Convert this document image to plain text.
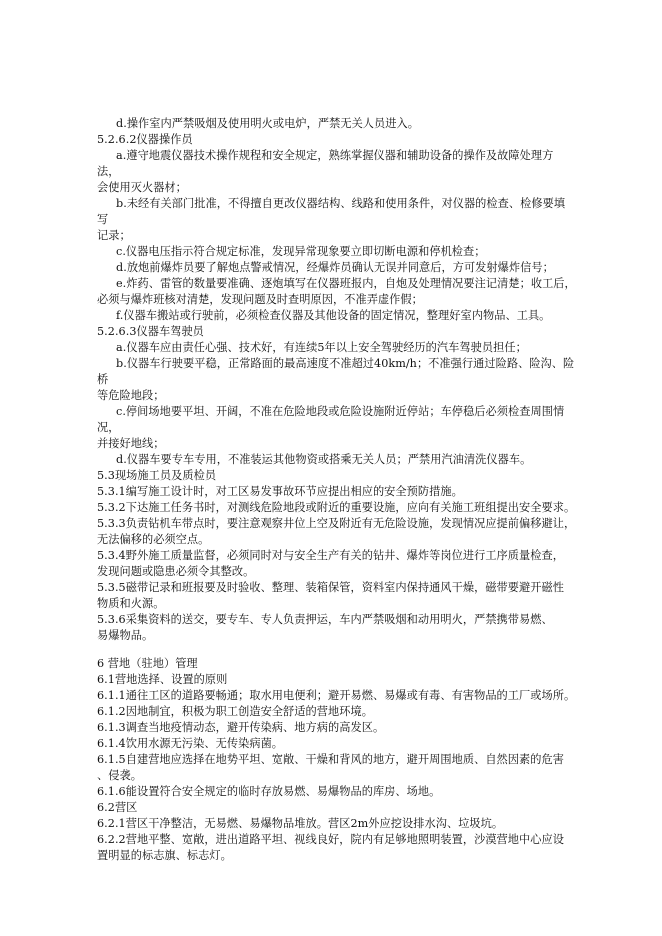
d.操作室内严禁吸烟及使用明火或电炉，严禁无关人员进入。
5.2.6.2仪器操作员
a.遵守地震仪器技术操作规程和安全规定，熟练掌握仪器和辅助设备的操作及故障处理方
法，
会使用灭火器材；
b.未经有关部门批准，不得擅自更改仪器结构、线路和使用条件，对仪器的检查、检修要填
写
记录；
c.仪器电压指示符合规定标准，发现异常现象要立即切断电源和停机检查；
d.放炮前爆炸员要了解炮点警戒情况，经爆炸员确认无误并同意后，方可发射爆炸信号；
e.炸药、雷管的数量要准确、逐炮填写在仪器班报内，自炮及处理情况要注记清楚；收工后，
必须与爆炸班核对清楚，发现问题及时查明原因，不准弄虚作假；
f.仪器车搬站或行驶前，必须检查仪器及其他设备的固定情况，整理好室内物品、工具。
5.2.6.3仪器车驾驶员
a.仪器车应由责任心强、技术好，有连续5年以上安全驾驶经历的汽车驾驶员担任；
b.仪器车行驶要平稳，正常路面的最高速度不准超过40km/h；不准强行通过险路、险沟、险
桥
等危险地段；
c.停间场地要平坦、开阔，不准在危险地段或危险设施附近停站；车停稳后必须检查周围情
况，
并接好地线；
d.仪器车要专车专用，不准装运其他物资或搭乘无关人员；严禁用汽油清洗仪器车。
5.3现场施工员及质检员
5.3.1编写施工设计时，对工区易发事故环节应提出相应的安全预防措施。
5.3.2下达施工任务书时，对测线危险地段或附近的重要设施，应向有关施工班组提出安全要求。
5.3.3负责钻机车带点时，要注意观察井位上空及附近有无危险设施，发现情况应提前偏移避让，
无法偏移的必须空点。
5.3.4野外施工质量监督，必须同时对与安全生产有关的钻井、爆炸等岗位进行工序质量检查，
发现问题或隐患必须令其整改。
5.3.5磁带记录和班报要及时验收、整理、装箱保管，资料室内保持通风干燥，磁带要避开磁性
物质和火源。
5.3.6采集资料的送交，要专车、专人负责押运，车内严禁吸烟和动用明火，严禁携带易燃、
易爆物品。
6 营地（驻地）管理
6.1营地选择、设置的原则
6.1.1通往工区的道路要畅通；取水用电便利；避开易燃、易爆或有毒、有害物品的工厂或场所。
6.1.2因地制宜，积极为职工创造安全舒适的营地环境。
6.1.3调查当地疫情动态，避开传染病、地方病的高发区。
6.1.4饮用水源无污染、无传染病菌。
6.1.5自建营地应选择在地势平坦、宽敞、干燥和背风的地方，避开周围地质、自然因素的危害
、侵袭。
6.1.6能设置符合安全规定的临时存放易燃、易爆物品的库房、场地。
6.2营区
6.2.1营区干净整洁，无易燃、易爆物品堆放。营区2m外应挖设排水沟、垃圾坑。
6.2.2营地平整、宽敞，进出道路平坦、视线良好，院内有足够地照明装置，沙漠营地中心应设
置明显的标志旗、标志灯。
